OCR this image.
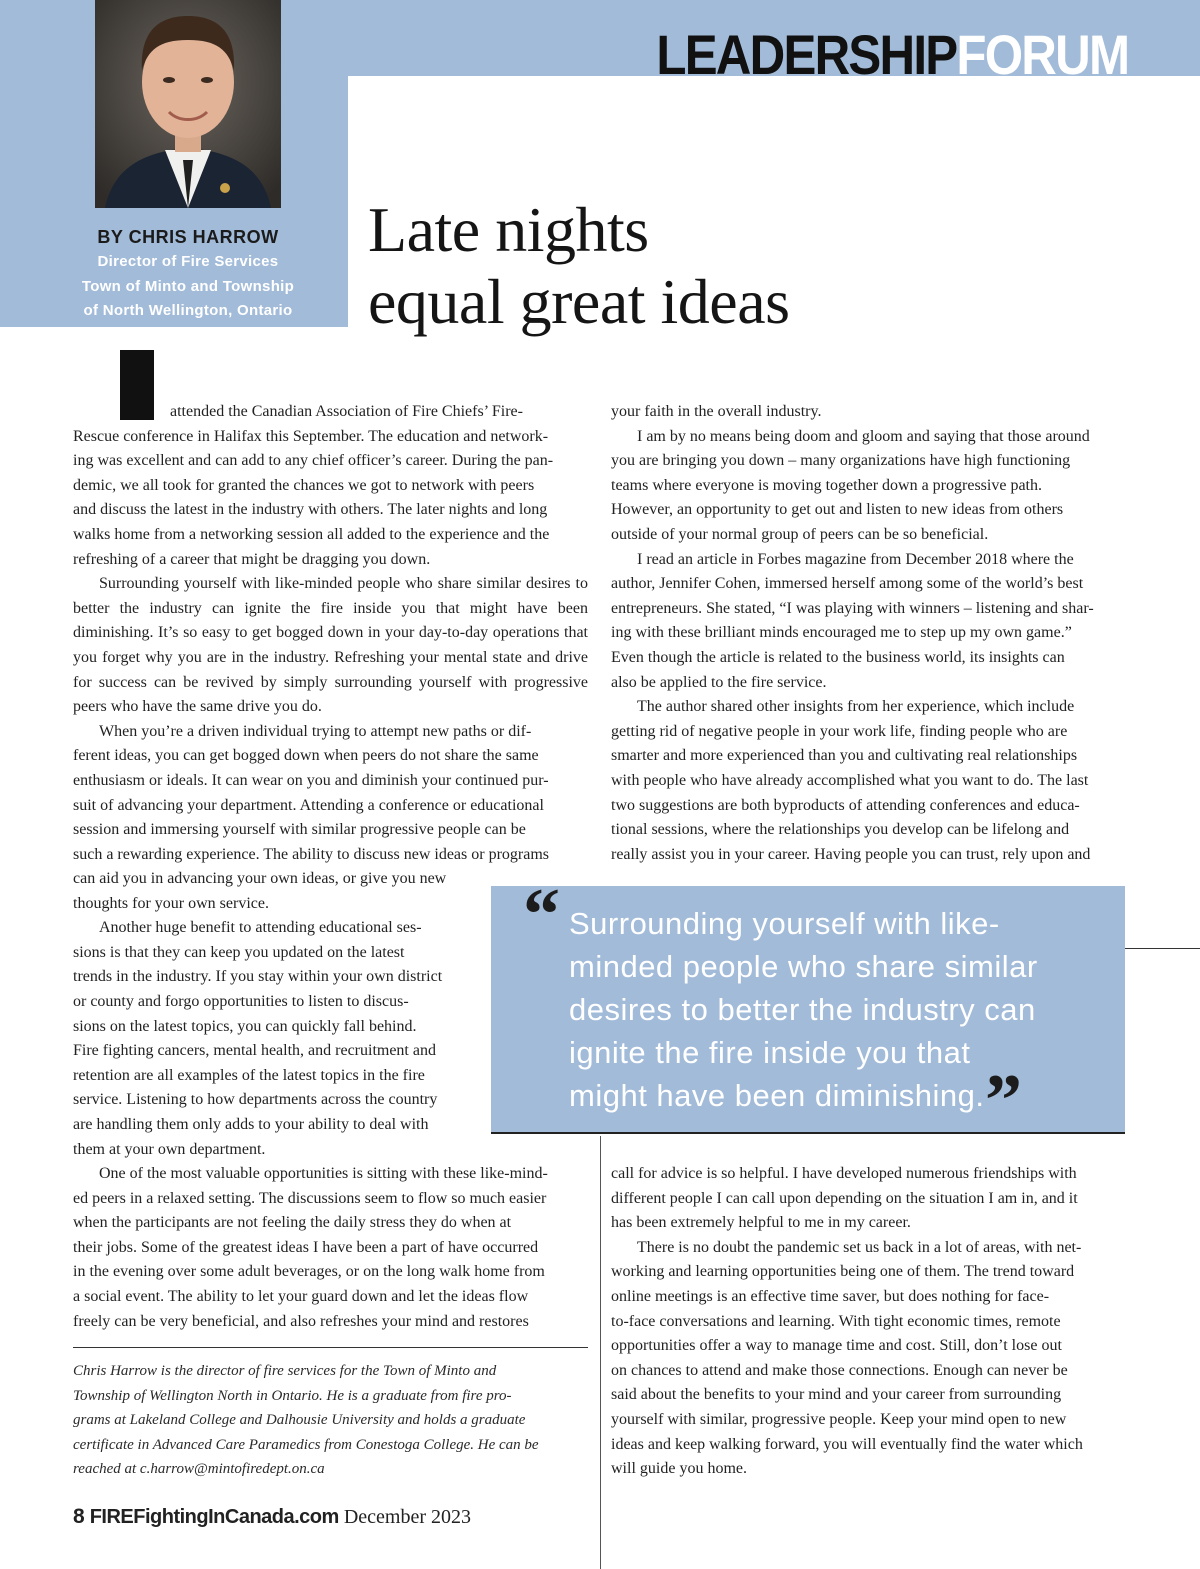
LEADERSHIPFORUM
BY CHRIS HARROW
Director of Fire Services
Town of Minto and Township
of North Wellington, Ontario
Late nights
equal great ideas
attended the Canadian Association of Fire Chiefs’ Fire-
Rescue conference in Halifax this September. The education and network-
ing was excellent and can add to any chief officer’s career. During the pan-
demic, we all took for granted the chances we got to network with peers
and discuss the latest in the industry with others. The later nights and long
walks home from a networking session all added to the experience and the
refreshing of a career that might be dragging you down.

Surrounding yourself with like-minded people who share similar desires to better the industry can ignite the fire inside you that might have been diminishing. It’s so easy to get bogged down in your day-to-day operations that you forget why you are in the industry. Refreshing your mental state and drive for success can be revived by simply surrounding yourself with progressive peers who have the same drive you do.

When you’re a driven individual trying to attempt new paths or dif-
ferent ideas, you can get bogged down when peers do not share the same
enthusiasm or ideals. It can wear on you and diminish your continued pur-
suit of advancing your department. Attending a conference or educational
session and immersing yourself with similar progressive people can be
such a rewarding experience. The ability to discuss new ideas or programs
can aid you in advancing your own ideas, or give you new
thoughts for your own service.
Another huge benefit to attending educational ses-
sions is that they can keep you updated on the latest
trends in the industry. If you stay within your own district
or county and forgo opportunities to listen to discus-
sions on the latest topics, you can quickly fall behind.
Fire fighting cancers, mental health, and recruitment and
retention are all examples of the latest topics in the fire
service. Listening to how departments across the country
are handling them only adds to your ability to deal with
them at your own department.
One of the most valuable opportunities is sitting with these like-mind-
ed peers in a relaxed setting. The discussions seem to flow so much easier
when the participants are not feeling the daily stress they do when at
their jobs. Some of the greatest ideas I have been a part of have occurred
in the evening over some adult beverages, or on the long walk home from
a social event. The ability to let your guard down and let the ideas flow
freely can be very beneficial, and also refreshes your mind and restores
your faith in the overall industry.
I am by no means being doom and gloom and saying that those around
you are bringing you down – many organizations have high functioning
teams where everyone is moving together down a progressive path.
However, an opportunity to get out and listen to new ideas from others
outside of your normal group of peers can be so beneficial.
I read an article in Forbes magazine from December 2018 where the
author, Jennifer Cohen, immersed herself among some of the world’s best
entrepreneurs. She stated, “I was playing with winners – listening and shar-
ing with these brilliant minds encouraged me to step up my own game.”
Even though the article is related to the business world, its insights can
also be applied to the fire service.
The author shared other insights from her experience, which include
getting rid of negative people in your work life, finding people who are
smarter and more experienced than you and cultivating real relationships
with people who have already accomplished what you want to do. The last
two suggestions are both byproducts of attending conferences and educa-
tional sessions, where the relationships you develop can be lifelong and
really assist you in your career. Having people you can trust, rely upon and
“ Surrounding yourself with like-
minded people who share similar
desires to better the industry can
ignite the fire inside you that
might have been diminishing. ”
call for advice is so helpful. I have developed numerous friendships with
different people I can call upon depending on the situation I am in, and it
has been extremely helpful to me in my career.
There is no doubt the pandemic set us back in a lot of areas, with net-
working and learning opportunities being one of them. The trend toward
online meetings is an effective time saver, but does nothing for face-
to-face conversations and learning. With tight economic times, remote
opportunities offer a way to manage time and cost. Still, don’t lose out
on chances to attend and make those connections. Enough can never be
said about the benefits to your mind and your career from surrounding
yourself with similar, progressive people. Keep your mind open to new
ideas and keep walking forward, you will eventually find the water which
will guide you home.
Chris Harrow is the director of fire services for the Town of Minto and
Township of Wellington North in Ontario. He is a graduate from fire pro-
grams at Lakeland College and Dalhousie University and holds a graduate
certificate in Advanced Care Paramedics from Conestoga College. He can be
reached at c.harrow@mintofiredept.on.ca
8 FIREFightingInCanada.com December 2023
